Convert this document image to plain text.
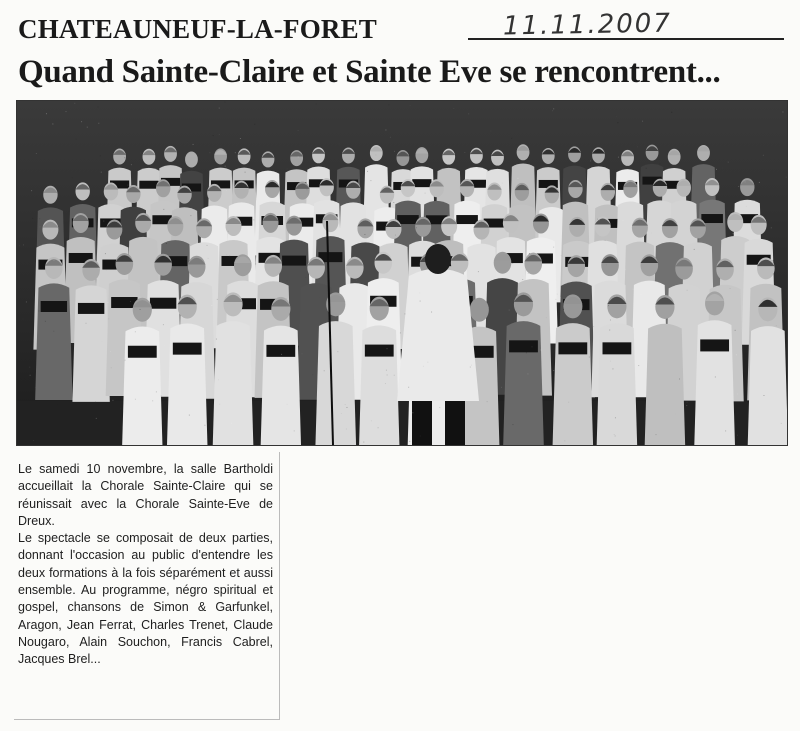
CHATEAUNEUF-LA-FORET	11.11.2007
Quand Sainte-Claire et Sainte Eve se rencontrent...

Le samedi 10 novembre, la salle Bartholdi accueillait la Chorale Sainte-Claire qui se réunissait avec la Chorale Sainte-Eve de Dreux.

Le spectacle se composait de deux parties, donnant l'occasion au public d'entendre les deux formations à la fois séparément et aussi ensemble. Au programme, négro spiritual et gospel, chansons de Simon & Garfunkel, Aragon, Jean Ferrat, Charles Trenet, Claude Nougaro, Alain Souchon, Francis Cabrel, Jacques Brel...
